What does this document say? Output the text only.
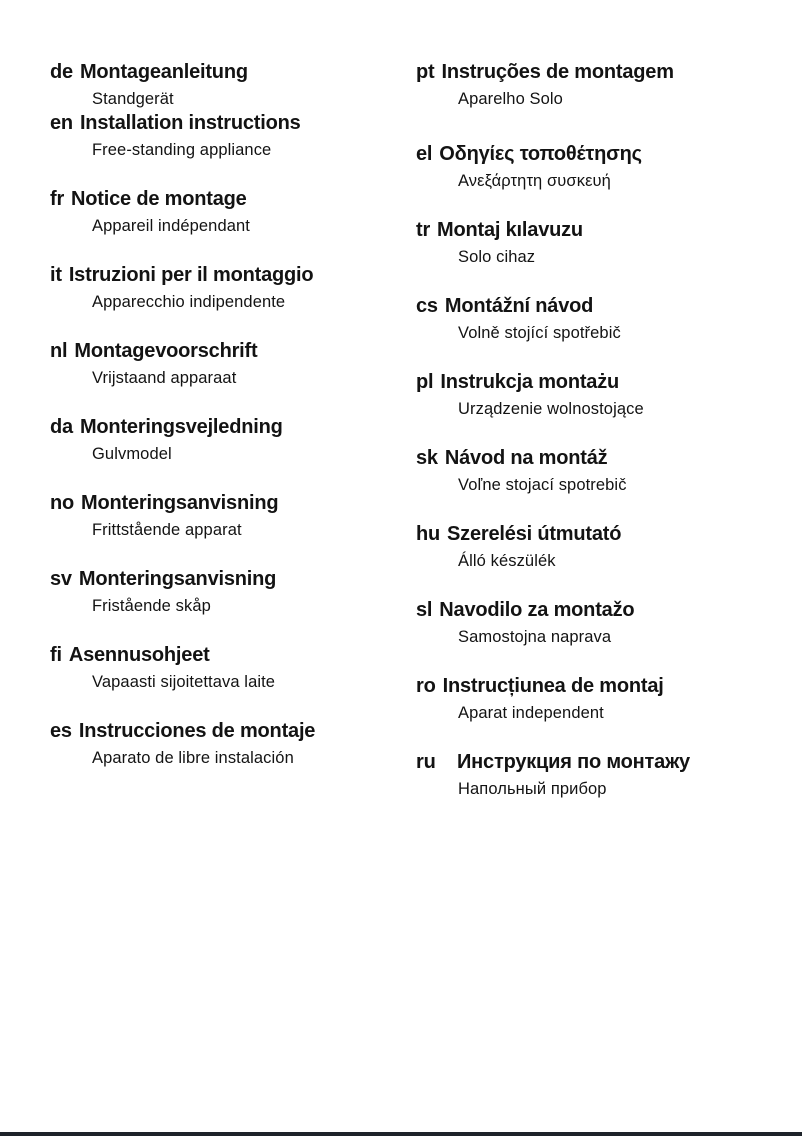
de Montageanleitung
Standgerät
en Installation instructions
Free-standing appliance
fr Notice de montage
Appareil indépendant
it Istruzioni per il montaggio
Apparecchio indipendente
nl Montagevoorschrift
Vrijstaand apparaat
da Monteringsvejledning
Gulvmodel
no Monteringsanvisning
Frittstående apparat
sv Monteringsanvisning
Fristående skåp
fi Asennusohjeet
Vapaasti sijoitettava laite
es Instrucciones de montaje
Aparato de libre instalación
pt Instruções de montagem
Aparelho Solo
el Οδηγίες τοποθέτησης
Ανεξάρτητη συσκευή
tr Montaj kılavuzu
Solo cihaz
cs Montážní návod
Volně stojící spotřebič
pl Instrukcja montażu
Urządzenie wolnostojące
sk Návod na montáž
Voľne stojací spotrebič
hu Szerelési útmutató
Álló készülék
sl Navodilo za montažo
Samostojna naprava
ro Instrucțiunea de montaj
Aparat independent
ru Инструкция по монтажу
Напольный прибор
